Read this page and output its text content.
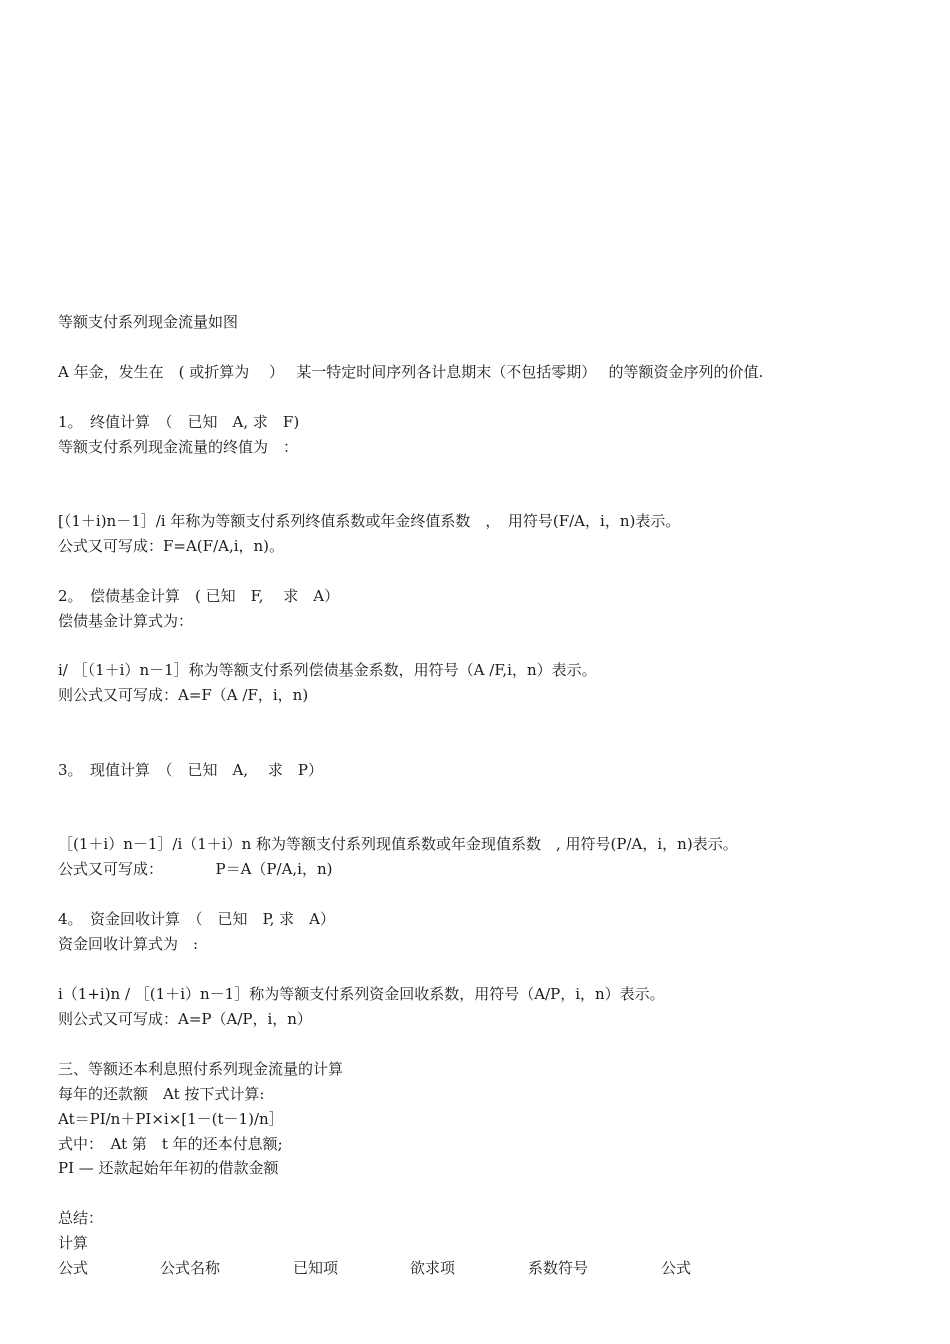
等额支付系列现金流量如图
A 年金，发生在　( 或折算为　 ）　 某一特定时间序列各计息期末（不包括零期）　 的等额资金序列的价值.
1。　终值计算　（　已知　A, 求　F)
等额支付系列现金流量的终值为　：
[（1＋i)n－1］/i 年称为等额支付系列终值系数或年金终值系数　，　用符号(F/A，i，n)表示。
公式又可写成：F=A(F/A,i，n)。
2。　偿债基金计算　( 已知　F,　 求　A）
偿债基金计算式为：
i/ ［（1＋i）n－1］称为等额支付系列偿债基金系数，用符号（A /F,i，n）表示。
则公式又可写成：A=F（A /F，i，n)
3。　现值计算　（　已知　A,　 求　P）
［(1＋i）n－1］/i（1＋i）n 称为等额支付系列现值系数或年金现值系数　, 用符号(P/A，i，n)表示。
公式又可写成：　　　　P＝A（P/A,i，n)
4。　资金回收计算　（　已知　P, 求　A）
资金回收计算式为　:
i（1+i)n / ［(1＋i）n－1］称为等额支付系列资金回收系数，用符号（A/P，i，n）表示。
则公式又可写成：A=P（A/P，i，n）
三、等额还本利息照付系列现金流量的计算
每年的还款额　At 按下式计算:
At＝PI/n＋PI×i×[1－(t－1)/n］
式中：　At 第　t 年的还本付息额;
PI — 还款起始年年初的借款金额
总结：
计算
公式	公式名称	已知项	欲求项	系数符号	公式
